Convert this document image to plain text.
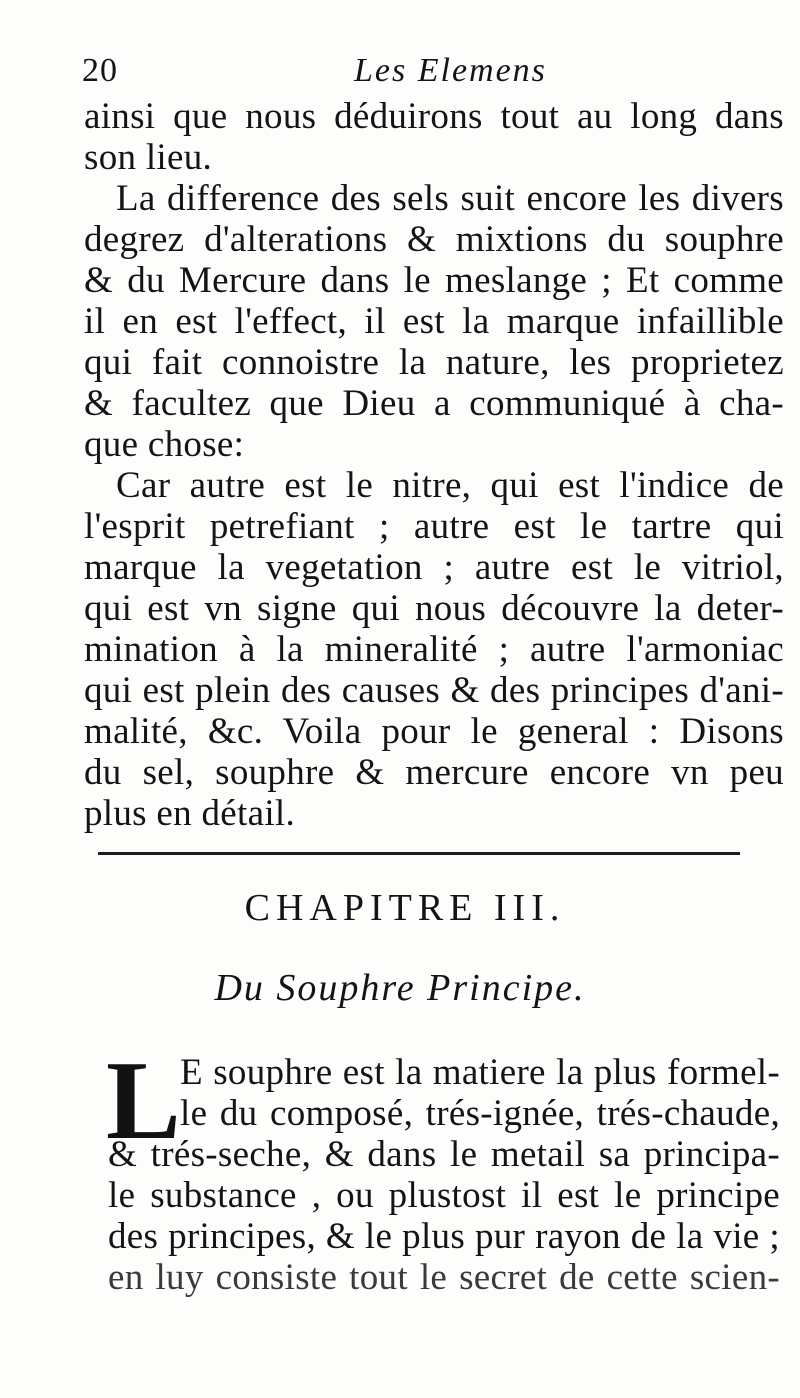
20	Les Elemens
ainsi que nous déduirons tout au long dans
son lieu.
La difference des sels suit encore les divers
degrez d'alterations & mixtions du souphre
& du Mercure dans le meslange ; Et comme
il en est l'effect, il est la marque infaillible
qui fait connoistre la nature, les proprietez
& facultez que Dieu a communiqué à cha-
que chose:
Car autre est le nitre, qui est l'indice de
l'esprit petrefiant ; autre est le tartre qui
marque la vegetation ; autre est le vitriol,
qui est vn signe qui nous découvre la deter-
mination à la mineralité ; autre l'armoniac
qui est plein des causes & des principes d'ani-
malité, &c. Voila pour le general : Disons
du sel, souphre & mercure encore vn peu
plus en détail.
CHAPITRE III.
Du Souphre Principe.
L E souphre est la matiere la plus formel-
le du composé, trés-ignée, trés-chaude,
& trés-seche, & dans le metail sa principa-
le substance , ou plustost il est le principe
des principes, & le plus pur rayon de la vie ;
en luy consiste tout le secret de cette scien-
